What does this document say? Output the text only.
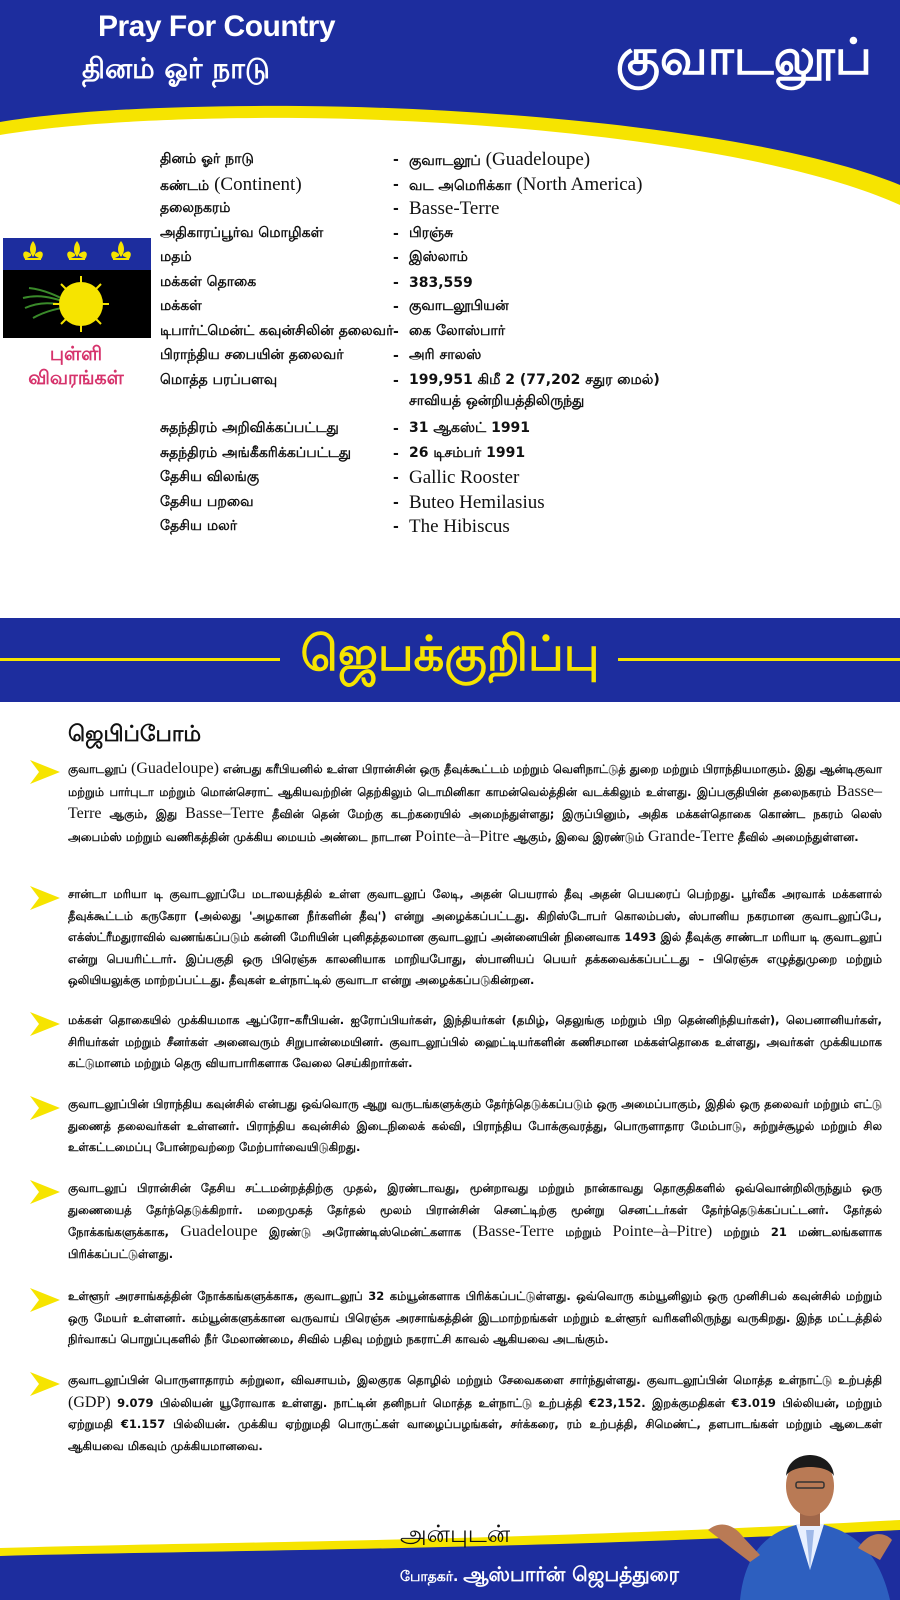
Pray For Country
தினம் ஓர் நாடு	குவாடலூப்
புள்ளி
விவரங்கள்
தினம் ஓர் நாடு	- குவாடலூப் (Guadeloupe)
கண்டம் (Continent)	- வட அமெரிக்கா (North America)
தலைநகரம்	- Basse-Terre
அதிகாரப்பூர்வ மொழிகள்	- பிரஞ்சு
மதம்	- இஸ்லாம்
மக்கள் தொகை	- 383,559
மக்கள்	- குவாடலூபியன்
டிபார்ட்மென்ட் கவுன்சிலின் தலைவர் - கை லோஸ்பார்
பிராந்திய சபையின் தலைவர்	- அரி சாலஸ்
மொத்த பரப்பளவு	- 199,951 கிமீ 2 (77,202 சதுர மைல்)
சாவியத் ஒன்றியத்திலிருந்து
சுதந்திரம் அறிவிக்கப்பட்டது	- 31 ஆகஸ்ட் 1991
சுதந்திரம் அங்கீகரிக்கப்பட்டது	- 26 டிசம்பர் 1991
தேசிய விலங்கு	- Gallic Rooster
தேசிய பறவை	- Buteo Hemilasius
தேசிய மலர்	- The Hibiscus
ஜெபக்குறிப்பு
ஜெபிப்போம்
குவாடலூப் (Guadeloupe) என்பது கரீபியனில் உள்ள பிரான்சின் ஒரு தீவுக்கூட்டம் மற்றும் வெளிநாட்டுத் துறை மற்றும் பிராந்தியமாகும். இது ஆன்டிகுவா மற்றும் பார்புடா மற்றும் மொன்செராட் ஆகியவற்றின் தெற்கிலும் டொமினிகா காமன்வெல்த்தின் வடக்கிலும் உள்ளது. இப்பகுதியின் தலைநகரம் Basse–Terre ஆகும், இது Basse–Terre தீவின் தென் மேற்கு கடற்கரையில் அமைந்துள்ளது; இருப்பினும், அதிக மக்கள்தொகை கொண்ட நகரம் லெஸ் அபைம்ஸ் மற்றும் வணிகத்தின் முக்கிய மையம் அண்டை நாடான Pointe–à–Pitre ஆகும், இவை இரண்டும் Grande-Terre தீவில் அமைந்துள்ளன.
சான்டா மரியா டி குவாடலூப்பே மடாலயத்தில் உள்ள குவாடலூப் லேடி, அதன் பெயரால் தீவு அதன் பெயரைப் பெற்றது. பூர்வீக அரவாக் மக்களால் தீவுக்கூட்டம் கருகேரா (அல்லது 'அழகான நீர்களின் தீவு') என்று அழைக்கப்பட்டது. கிறிஸ்டோபர் கொலம்பஸ், ஸ்பானிய நகரமான குவாடலூப்பே, எக்ஸ்ட்ரீமதுராவில் வணங்கப்படும் கன்னி மேரியின் புனிதத்தலமான குவாடலூப் அன்னையின் நினைவாக 1493 இல் தீவுக்கு சாண்டா மரியா டி குவாடலூப் என்று பெயரிட்டார். இப்பகுதி ஒரு பிரெஞ்சு காலனியாக மாறியபோது, ஸ்பானியப் பெயர் தக்கவைக்கப்பட்டது – பிரெஞ்சு எழுத்துமுறை மற்றும் ஒலியியலுக்கு மாற்றப்பட்டது. தீவுகள் உள்நாட்டில் குவாடா என்று அழைக்கப்படுகின்றன.
மக்கள் தொகையில் முக்கியமாக ஆப்ரோ–கரீபியன். ஐரோப்பியர்கள், இந்தியர்கள் (தமிழ், தெலுங்கு மற்றும் பிற தென்னிந்தியர்கள்), லெபனானியர்கள், சிரியர்கள் மற்றும் சீனர்கள் அனைவரும் சிறுபான்மையினர். குவாடலூப்பில் ஹைட்டியர்களின் கணிசமான மக்கள்தொகை உள்ளது, அவர்கள் முக்கியமாக கட்டுமானம் மற்றும் தெரு வியாபாரிகளாக வேலை செய்கிறார்கள்.
குவாடலூப்பின் பிராந்திய கவுன்சில் என்பது ஒவ்வொரு ஆறு வருடங்களுக்கும் தேர்ந்தெடுக்கப்படும் ஒரு அமைப்பாகும், இதில் ஒரு தலைவர் மற்றும் எட்டு துணைத் தலைவர்கள் உள்ளனர். பிராந்திய கவுன்சில் இடைநிலைக் கல்வி, பிராந்திய போக்குவரத்து, பொருளாதார மேம்பாடு, சுற்றுச்சூழல் மற்றும் சில உள்கட்டமைப்பு போன்றவற்றை மேற்பார்வையிடுகிறது.
குவாடலூப் பிரான்சின் தேசிய சட்டமன்றத்திற்கு முதல், இரண்டாவது, மூன்றாவது மற்றும் நான்காவது தொகுதிகளில் ஒவ்வொன்றிலிருந்தும் ஒரு துணையைத் தேர்ந்தெடுக்கிறார். மறைமுகத் தேர்தல் மூலம் பிரான்சின் செனட்டிற்கு மூன்று செனட்டர்கள் தேர்ந்தெடுக்கப்பட்டனர். தேர்தல் நோக்கங்களுக்காக, Guadeloupe இரண்டு அரோண்டிஸ்மென்ட்களாக (Basse-Terre மற்றும் Pointe–à–Pitre) மற்றும் 21 மண்டலங்களாக பிரிக்கப்பட்டுள்ளது.
உள்ளூர் அரசாங்கத்தின் நோக்கங்களுக்காக, குவாடலூப் 32 கம்யூன்களாக பிரிக்கப்பட்டுள்ளது. ஒவ்வொரு கம்யூனிலும் ஒரு முனிசிபல் கவுன்சில் மற்றும் ஒரு மேயர் உள்ளனர். கம்யூன்களுக்கான வருவாய் பிரெஞ்சு அரசாங்கத்தின் இடமாற்றங்கள் மற்றும் உள்ளூர் வரிகளிலிருந்து வருகிறது. இந்த மட்டத்தில் நிர்வாகப் பொறுப்புகளில் நீர் மேலாண்மை, சிவில் பதிவு மற்றும் நகராட்சி காவல் ஆகியவை அடங்கும்.
குவாடலூப்பின் பொருளாதாரம் சுற்றுலா, விவசாயம், இலகுரக தொழில் மற்றும் சேவைகளை சார்ந்துள்ளது. குவாடலூப்பின் மொத்த உள்நாட்டு உற்பத்தி (GDP) 9.079 பில்லியன் யூரோவாக உள்ளது. நாட்டின் தனிநபர் மொத்த உள்நாட்டு உற்பத்தி €23,152. இறக்குமதிகள் €3.019 பில்லியன், மற்றும் ஏற்றுமதி €1.157 பில்லியன். முக்கிய ஏற்றுமதி பொருட்கள் வாழைப்பழங்கள், சர்க்கரை, ரம் உற்பத்தி, சிமெண்ட், தளபாடங்கள் மற்றும் ஆடைகள் ஆகியவை மிகவும் முக்கியமானவை.
அன்புடன்
போதகர். ஆஸ்பார்ன் ஜெபத்துரை
